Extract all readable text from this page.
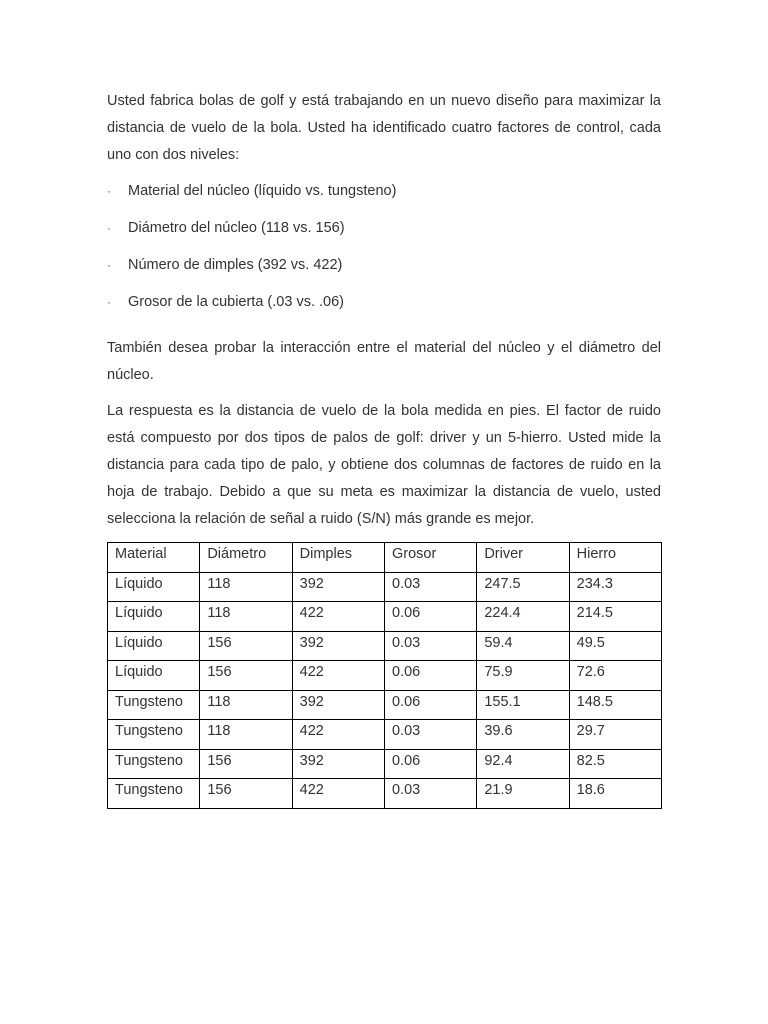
Usted fabrica bolas de golf y está trabajando en un nuevo diseño para maximizar la distancia de vuelo de la bola. Usted ha identificado cuatro factores de control, cada uno con dos niveles:

· Material del núcleo (líquido vs. tungsteno)
· Diámetro del núcleo (118 vs. 156)
· Número de dimples (392 vs. 422)
· Grosor de la cubierta (.03 vs. .06)

También desea probar la interacción entre el material del núcleo y el diámetro del núcleo.

La respuesta es la distancia de vuelo de la bola medida en pies. El factor de ruido está compuesto por dos tipos de palos de golf: driver y un 5-hierro. Usted mide la distancia para cada tipo de palo, y obtiene dos columnas de factores de ruido en la hoja de trabajo. Debido a que su meta es maximizar la distancia de vuelo, usted selecciona la relación de señal a ruido (S/N) más grande es mejor.

Material	Diámetro	Dimples	Grosor	Driver	Hierro
Líquido	118	392	0.03	247.5	234.3
Líquido	118	422	0.06	224.4	214.5
Líquido	156	392	0.03	59.4	49.5
Líquido	156	422	0.06	75.9	72.6
Tungsteno	118	392	0.06	155.1	148.5
Tungsteno	118	422	0.03	39.6	29.7
Tungsteno	156	392	0.06	92.4	82.5
Tungsteno	156	422	0.03	21.9	18.6
